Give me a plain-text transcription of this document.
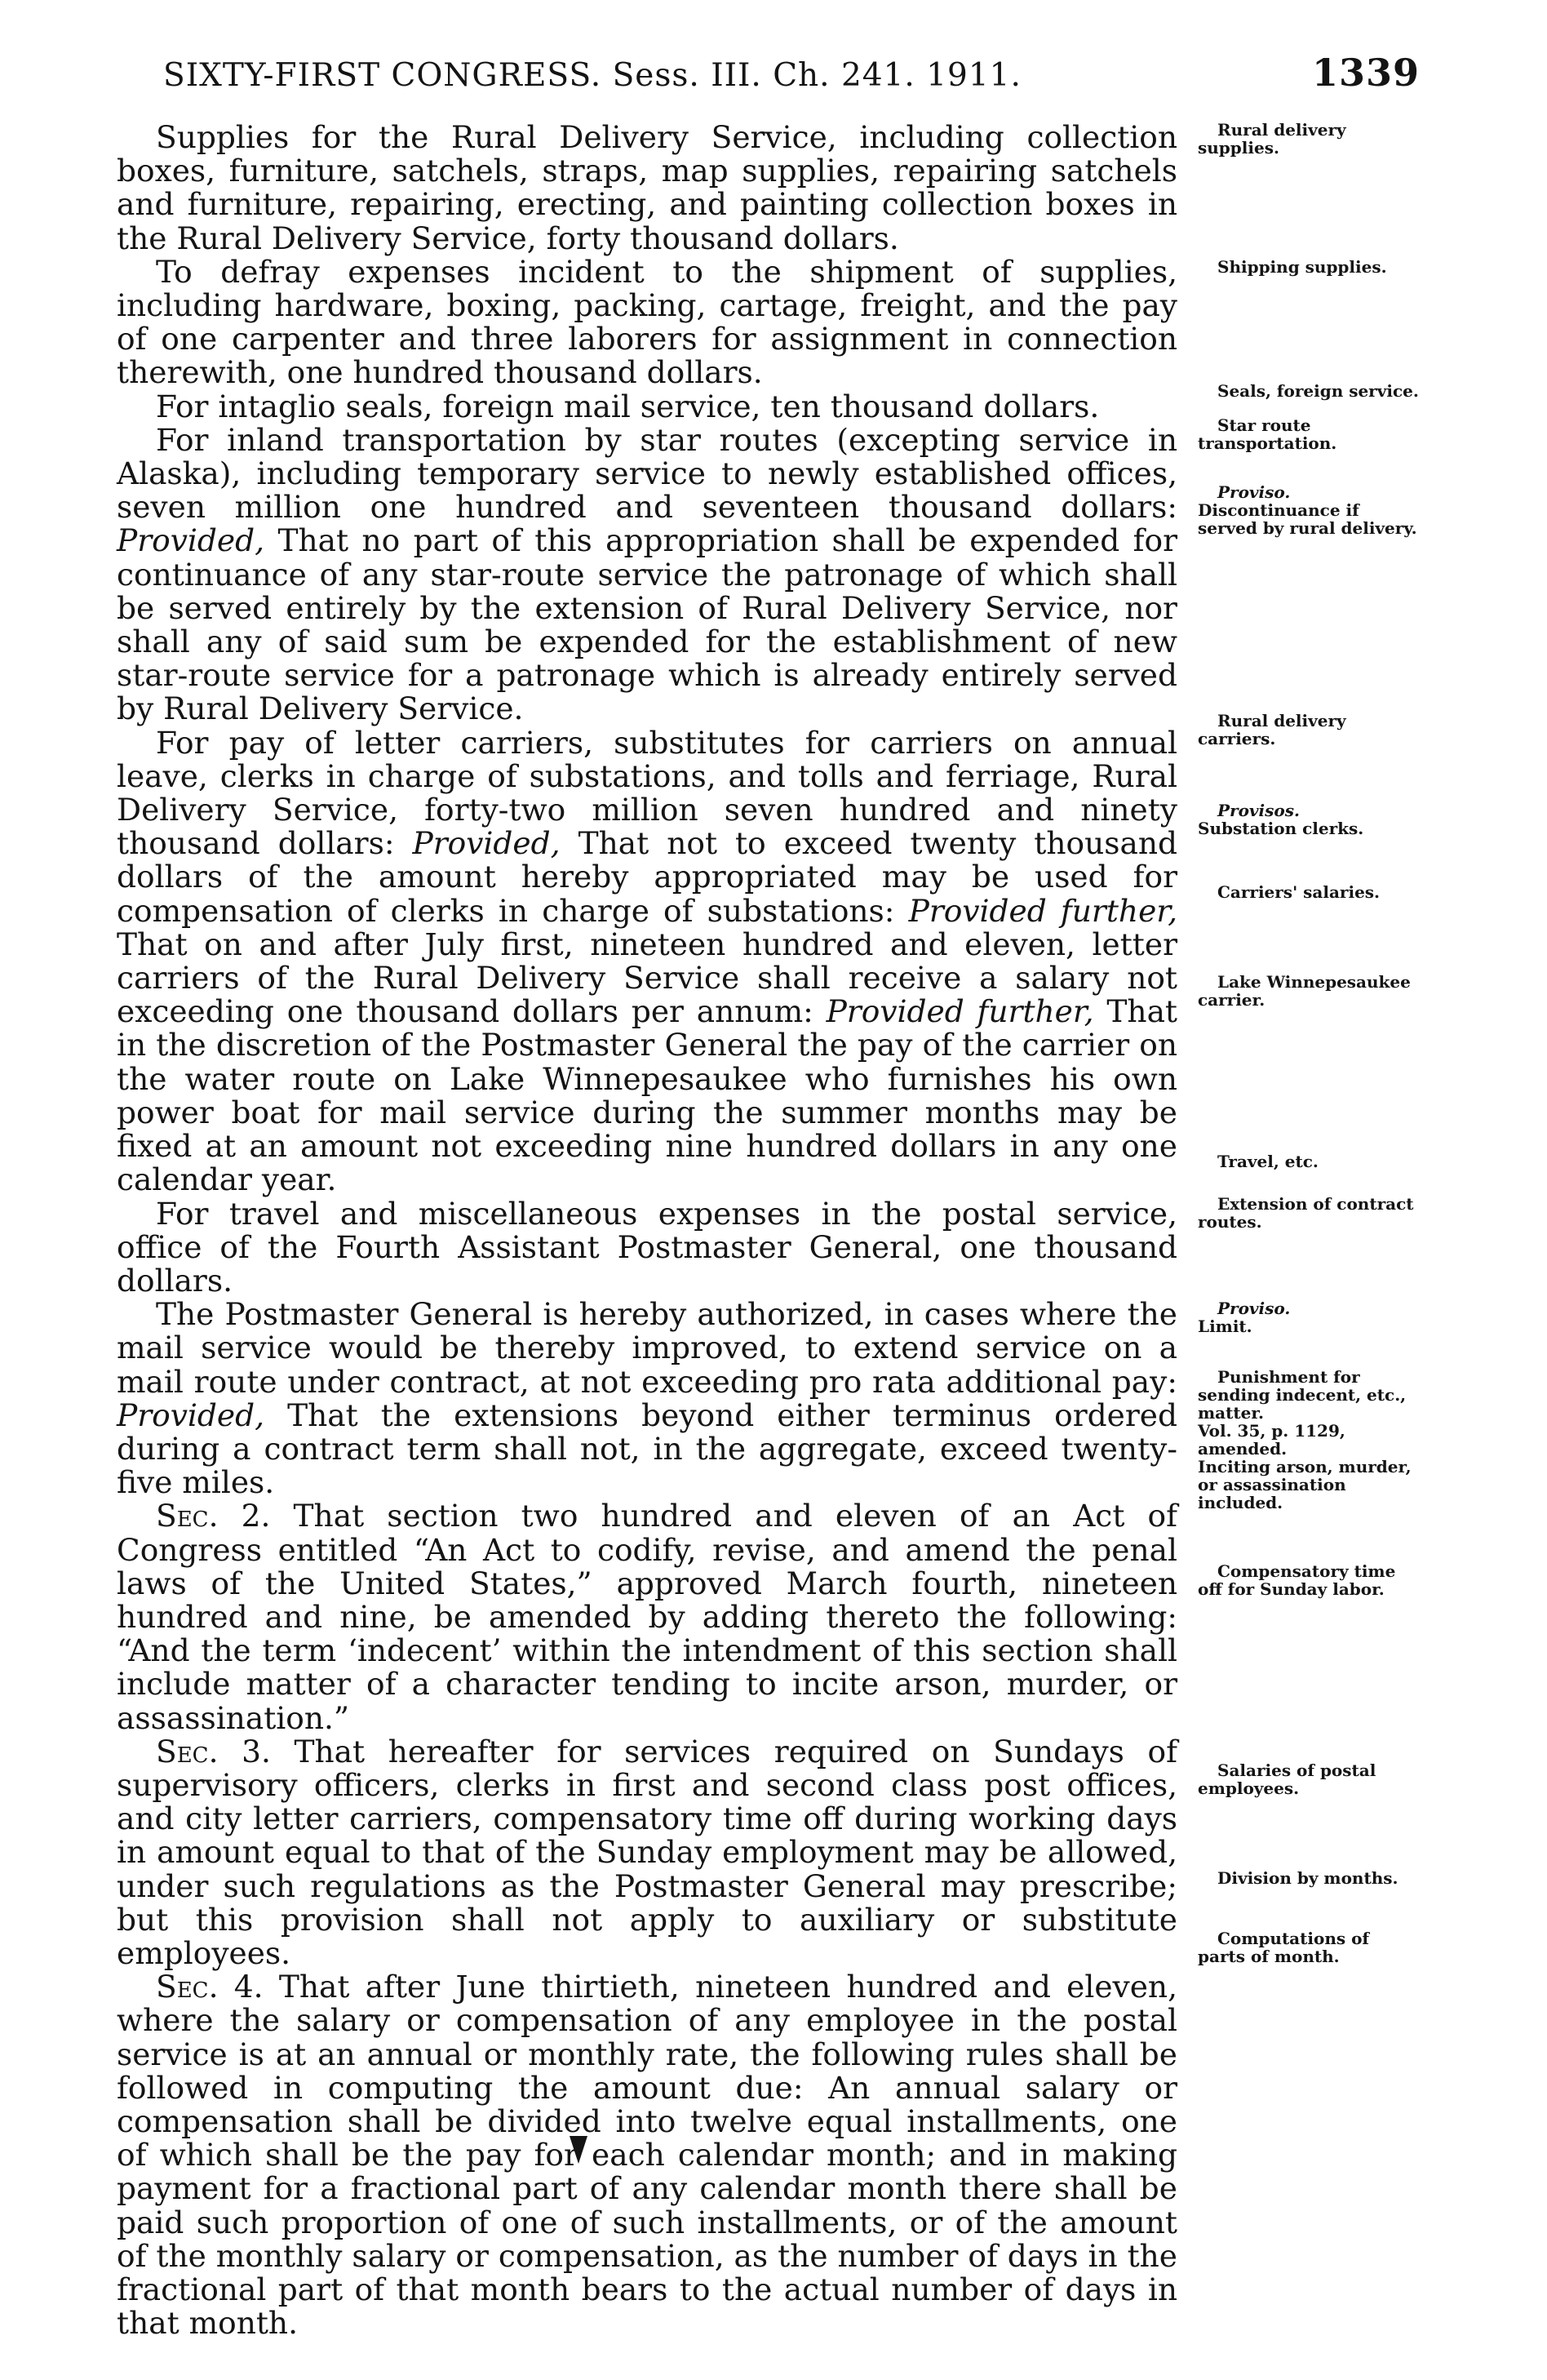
SIXTY-FIRST CONGRESS. Sess. III. Ch. 241. 1911.	1339

Supplies for the Rural Delivery Service, including collection boxes, furniture, satchels, straps, map supplies, repairing satchels and furniture, repairing, erecting, and painting collection boxes in the Rural Delivery Service, forty thousand dollars.

To defray expenses incident to the shipment of supplies, including hardware, boxing, packing, cartage, freight, and the pay of one carpenter and three laborers for assignment in connection therewith, one hundred thousand dollars.

For intaglio seals, foreign mail service, ten thousand dollars.

For inland transportation by star routes (excepting service in Alaska), including temporary service to newly established offices, seven million one hundred and seventeen thousand dollars: Provided, That no part of this appropriation shall be expended for continuance of any star-route service the patronage of which shall be served entirely by the extension of Rural Delivery Service, nor shall any of said sum be expended for the establishment of new star-route service for a patronage which is already entirely served by Rural Delivery Service.

For pay of letter carriers, substitutes for carriers on annual leave, clerks in charge of substations, and tolls and ferriage, Rural Delivery Service, forty-two million seven hundred and ninety thousand dollars: Provided, That not to exceed twenty thousand dollars of the amount hereby appropriated may be used for compensation of clerks in charge of substations: Provided further, That on and after July first, nineteen hundred and eleven, letter carriers of the Rural Delivery Service shall receive a salary not exceeding one thousand dollars per annum: Provided further, That in the discretion of the Postmaster General the pay of the carrier on the water route on Lake Winnepesaukee who furnishes his own power boat for mail service during the summer months may be fixed at an amount not exceeding nine hundred dollars in any one calendar year.

For travel and miscellaneous expenses in the postal service, office of the Fourth Assistant Postmaster General, one thousand dollars.

The Postmaster General is hereby authorized, in cases where the mail service would be thereby improved, to extend service on a mail route under contract, at not exceeding pro rata additional pay: Provided, That the extensions beyond either terminus ordered during a contract term shall not, in the aggregate, exceed twenty-five miles.

Sec. 2. That section two hundred and eleven of an Act of Congress entitled “An Act to codify, revise, and amend the penal laws of the United States,” approved March fourth, nineteen hundred and nine, be amended by adding thereto the following: “And the term ‘indecent’ within the intendment of this section shall include matter of a character tending to incite arson, murder, or assassination.”

Sec. 3. That hereafter for services required on Sundays of supervisory officers, clerks in first and second class post offices, and city letter carriers, compensatory time off during working days in amount equal to that of the Sunday employment may be allowed, under such regulations as the Postmaster General may prescribe; but this provision shall not apply to auxiliary or substitute employees.

Sec. 4. That after June thirtieth, nineteen hundred and eleven, where the salary or compensation of any employee in the postal service is at an annual or monthly rate, the following rules shall be followed in computing the amount due: An annual salary or compensation shall be divided into twelve equal installments, one of which shall be the pay for each calendar month; and in making payment for a fractional part of any calendar month there shall be paid such proportion of one of such installments, or of the amount of the monthly salary or compensation, as the number of days in the fractional part of that month bears to the actual number of days in that month.

Rural delivery supplies.
Shipping supplies.
Seals, foreign service.
Star route transportation.
Proviso.
Discontinuance if served by rural delivery.
Rural delivery carriers.
Provisos.
Substation clerks.
Carriers' salaries.
Lake Winnepesaukee carrier.
Travel, etc.
Extension of contract routes.
Proviso.
Limit.
Punishment for sending indecent, etc., matter.
Vol. 35, p. 1129, amended.
Inciting arson, murder, or assassination included.
Compensatory time off for Sunday labor.
Salaries of postal employees.
Division by months.
Computations of parts of month.
